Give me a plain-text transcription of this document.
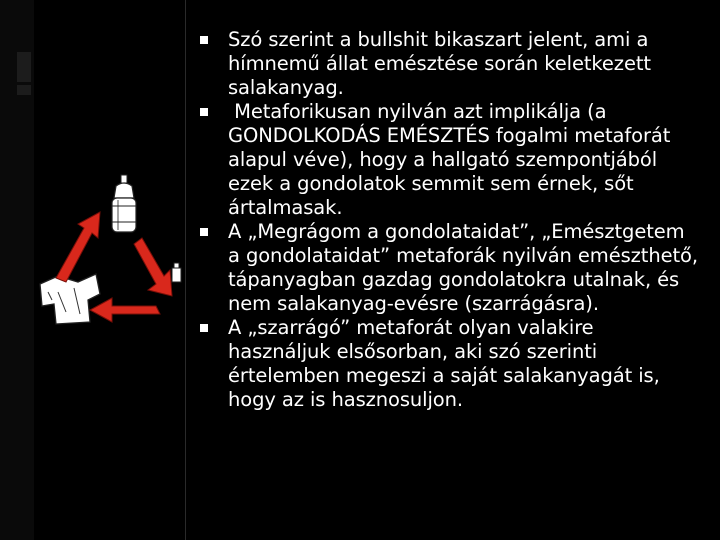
Szó szerint a bullshit bikaszart jelent, ami a hímnemű állat emésztése során keletkezett salakanyag.
Metaforikusan nyilván azt implikálja (a GONDOLKODÁS EMÉSZTÉS fogalmi metaforát alapul véve), hogy a hallgató szempontjából ezek a gondolatok semmit sem érnek, sőt ártalmasak.
A „Megrágom a gondolataidat”, „Emésztgetem a gondolataidat” metaforák nyilván emészthető, tápanyagban gazdag gondolatokra utalnak, és nem salakanyag-evésre (szarrágásra).
A „szarrágó” metaforát olyan valakire használjuk elsősorban, aki szó szerinti értelemben megeszi a saját salakanyagát is, hogy az is hasznosuljon.
